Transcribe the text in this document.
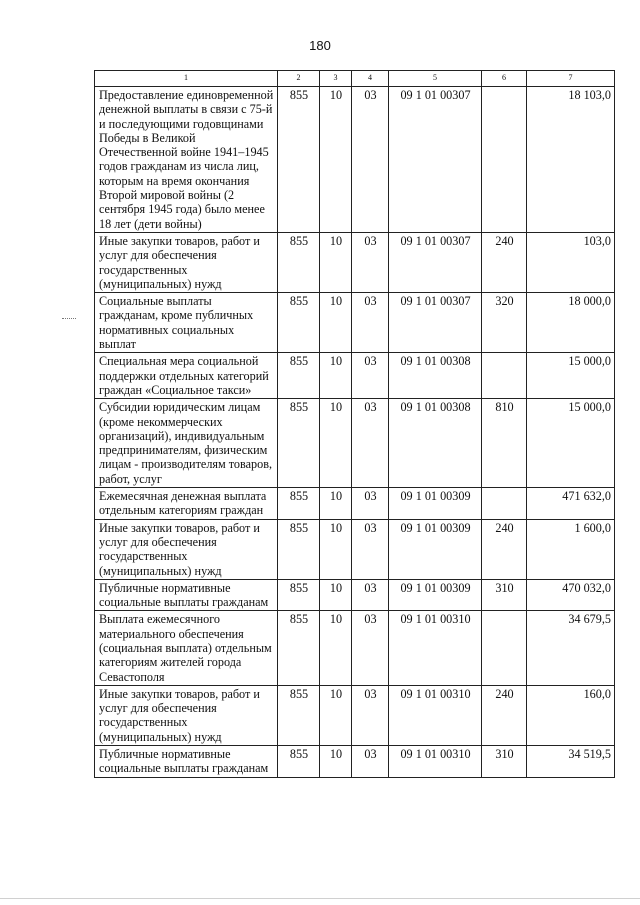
180
1	2	3	4	5	6	7
Предоставление единовременной денежной выплаты в связи с 75-й и последующими годовщинами Победы в Великой Отечественной войне 1941–1945 годов гражданам из числа лиц, которым на время окончания Второй мировой войны (2 сентября 1945 года) было менее 18 лет (дети войны)	855	10	03	09 1 01 00307		18 103,0
Иные закупки товаров, работ и услуг для обеспечения государственных (муниципальных) нужд	855	10	03	09 1 01 00307	240	103,0
Социальные выплаты гражданам, кроме публичных нормативных социальных выплат	855	10	03	09 1 01 00307	320	18 000,0
Специальная мера социальной поддержки отдельных категорий граждан «Социальное такси»	855	10	03	09 1 01 00308		15 000,0
Субсидии юридическим лицам (кроме некоммерческих организаций), индивидуальным предпринимателям, физическим лицам - производителям товаров, работ, услуг	855	10	03	09 1 01 00308	810	15 000,0
Ежемесячная денежная выплата отдельным категориям граждан	855	10	03	09 1 01 00309		471 632,0
Иные закупки товаров, работ и услуг для обеспечения государственных (муниципальных) нужд	855	10	03	09 1 01 00309	240	1 600,0
Публичные нормативные социальные выплаты гражданам	855	10	03	09 1 01 00309	310	470 032,0
Выплата ежемесячного материального обеспечения (социальная выплата) отдельным категориям жителей города Севастополя	855	10	03	09 1 01 00310		34 679,5
Иные закупки товаров, работ и услуг для обеспечения государственных (муниципальных) нужд	855	10	03	09 1 01 00310	240	160,0
Публичные нормативные социальные выплаты гражданам	855	10	03	09 1 01 00310	310	34 519,5
